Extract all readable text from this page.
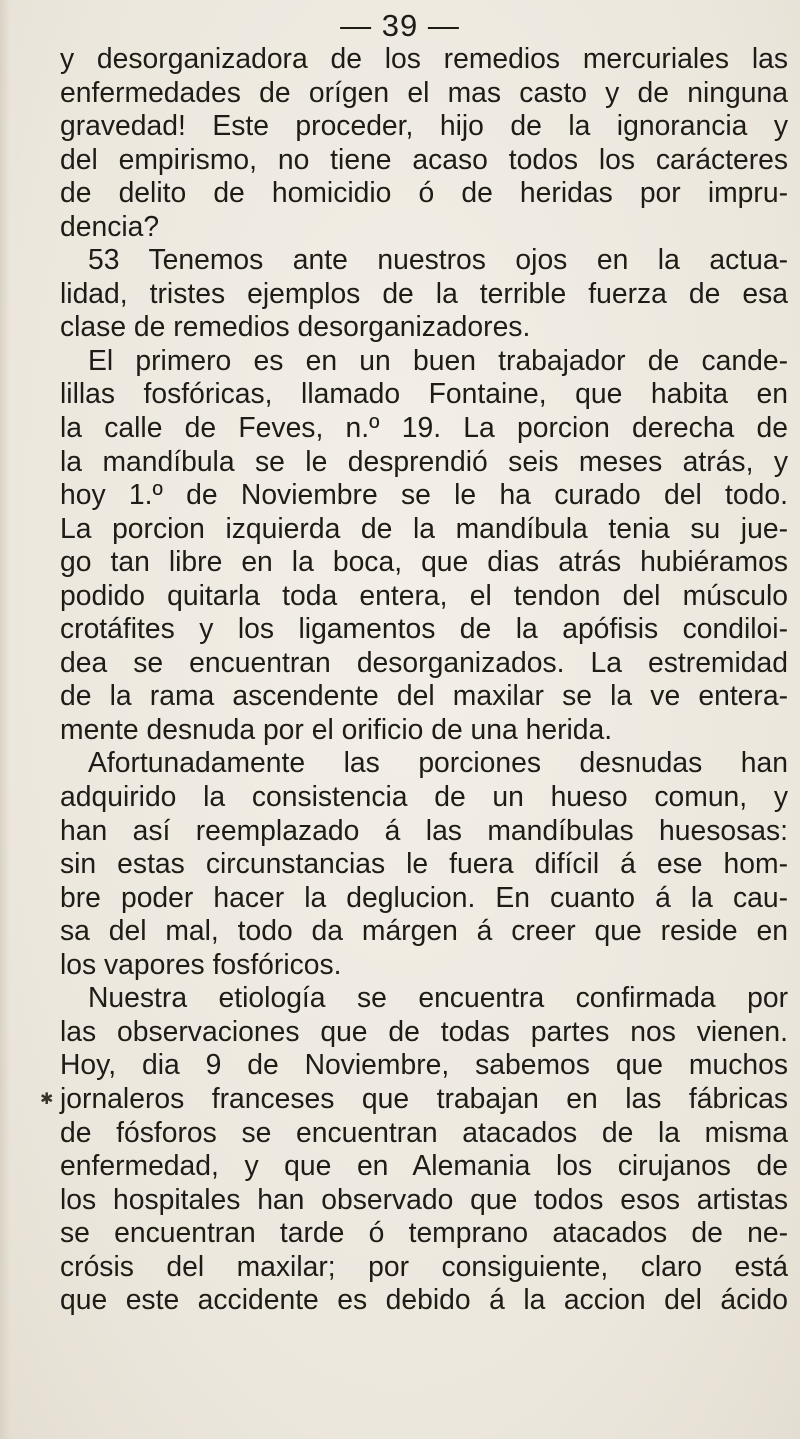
— 39 —
y desorganizadora de los remedios mercuriales las
enfermedades de orígen el mas casto y de ninguna
gravedad! Este proceder, hijo de la ignorancia y
del empirismo, no tiene acaso todos los carácteres
de delito de homicidio ó de heridas por impru-
dencia?
53 Tenemos ante nuestros ojos en la actua-
lidad, tristes ejemplos de la terrible fuerza de esa
clase de remedios desorganizadores.
El primero es en un buen trabajador de cande-
lillas fosfóricas, llamado Fontaine, que habita en
la calle de Feves, n.º 19. La porcion derecha de
la mandíbula se le desprendió seis meses atrás, y
hoy 1.º de Noviembre se le ha curado del todo.
La porcion izquierda de la mandíbula tenia su jue-
go tan libre en la boca, que dias atrás hubiéramos
podido quitarla toda entera, el tendon del músculo
crotáfites y los ligamentos de la apófisis condiloi-
dea se encuentran desorganizados. La estremidad
de la rama ascendente del maxilar se la ve entera-
mente desnuda por el orificio de una herida.
Afortunadamente las porciones desnudas han
adquirido la consistencia de un hueso comun, y
han así reemplazado á las mandíbulas huesosas:
sin estas circunstancias le fuera difícil á ese hom-
bre poder hacer la deglucion. En cuanto á la cau-
sa del mal, todo da márgen á creer que reside en
los vapores fosfóricos.
Nuestra etiología se encuentra confirmada por
las observaciones que de todas partes nos vienen.
Hoy, dia 9 de Noviembre, sabemos que muchos
jornaleros franceses que trabajan en las fábricas
de fósforos se encuentran atacados de la misma
enfermedad, y que en Alemania los cirujanos de
los hospitales han observado que todos esos artistas
se encuentran tarde ó temprano atacados de ne-
crósis del maxilar; por consiguiente, claro está
que este accidente es debido á la accion del ácido
✱
